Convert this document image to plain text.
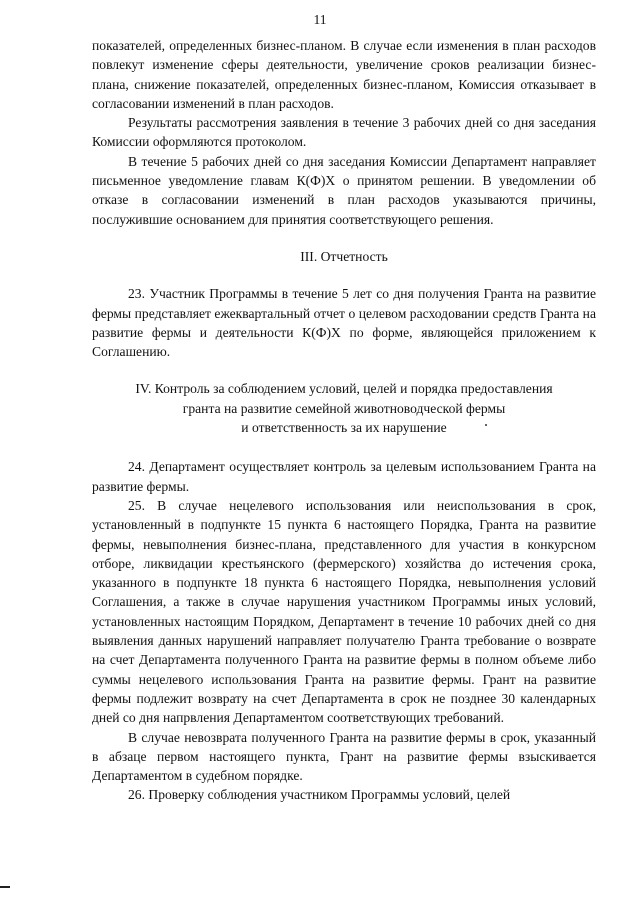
11

показателей, определенных бизнес-планом. В случае если изменения в план расходов повлекут изменение сферы деятельности, увеличение сроков реализации бизнес-плана, снижение показателей, определенных бизнес-планом, Комиссия отказывает в согласовании изменений в план расходов.

Результаты рассмотрения заявления в течение 3 рабочих дней со дня заседания Комиссии оформляются протоколом.

В течение 5 рабочих дней со дня заседания Комиссии Департамент направляет письменное уведомление главам К(Ф)Х о принятом решении. В уведомлении об отказе в согласовании изменений в план расходов указываются причины, послужившие основанием для принятия соответствующего решения.

III. Отчетность

23. Участник Программы в течение 5 лет со дня получения Гранта на развитие фермы представляет ежеквартальный отчет о целевом расходовании средств Гранта на развитие фермы и деятельности К(Ф)Х по форме, являющейся приложением к Соглашению.

IV. Контроль за соблюдением условий, целей и порядка предоставления

гранта на развитие семейной животноводческой фермы

и ответственность за их нарушение

24. Департамент осуществляет контроль за целевым использованием Гранта на развитие фермы.

25. В случае нецелевого использования или неиспользования в срок, установленный в подпункте 15 пункта 6 настоящего Порядка, Гранта на развитие фермы, невыполнения бизнес-плана, представленного для участия в конкурсном отборе, ликвидации крестьянского (фермерского) хозяйства до истечения срока, указанного в подпункте 18 пункта 6 настоящего Порядка, невыполнения условий Соглашения, а также в случае нарушения участником Программы иных условий, установленных настоящим Порядком, Департамент в течение 10 рабочих дней со дня выявления данных нарушений направляет получателю Гранта требование о возврате на счет Департамента полученного Гранта на развитие фермы в полном объеме либо суммы нецелевого использования Гранта на развитие фермы. Грант на развитие фермы подлежит возврату на счет Департамента в срок не позднее 30 календарных дней со дня напрвления Департаментом соответствующих требований.

В случае невозврата полученного Гранта на развитие фермы в срок, указанный в абзаце первом настоящего пункта, Грант на развитие фермы взыскивается Департаментом в судебном порядке.

26. Проверку соблюдения участником Программы условий, целей
